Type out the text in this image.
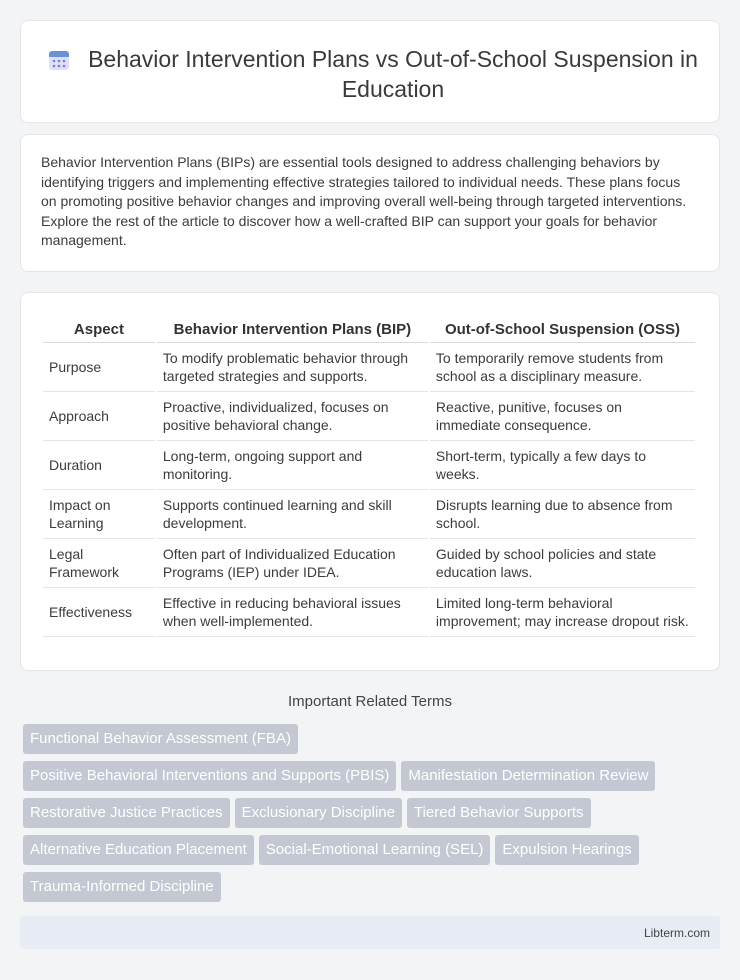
Behavior Intervention Plans vs Out-of-School Suspension in Education

Behavior Intervention Plans (BIPs) are essential tools designed to address challenging behaviors by identifying triggers and implementing effective strategies tailored to individual needs. These plans focus on promoting positive behavior changes and improving overall well-being through targeted interventions. Explore the rest of the article to discover how a well-crafted BIP can support your goals for behavior management.

Aspect	Behavior Intervention Plans (BIP)	Out-of-School Suspension (OSS)
Purpose	To modify problematic behavior through targeted strategies and supports.	To temporarily remove students from school as a disciplinary measure.
Approach	Proactive, individualized, focuses on positive behavioral change.	Reactive, punitive, focuses on immediate consequence.
Duration	Long-term, ongoing support and monitoring.	Short-term, typically a few days to weeks.
Impact on Learning	Supports continued learning and skill development.	Disrupts learning due to absence from school.
Legal Framework	Often part of Individualized Education Programs (IEP) under IDEA.	Guided by school policies and state education laws.
Effectiveness	Effective in reducing behavioral issues when well-implemented.	Limited long-term behavioral improvement; may increase dropout risk.
Important Related Terms
Functional Behavior Assessment (FBA)
Positive Behavioral Interventions and Supports (PBIS) Manifestation Determination Review
Restorative Justice Practices Exclusionary Discipline Tiered Behavior Supports
Alternative Education Placement Social-Emotional Learning (SEL) Expulsion Hearings
Trauma-Informed Discipline
Libterm.com
